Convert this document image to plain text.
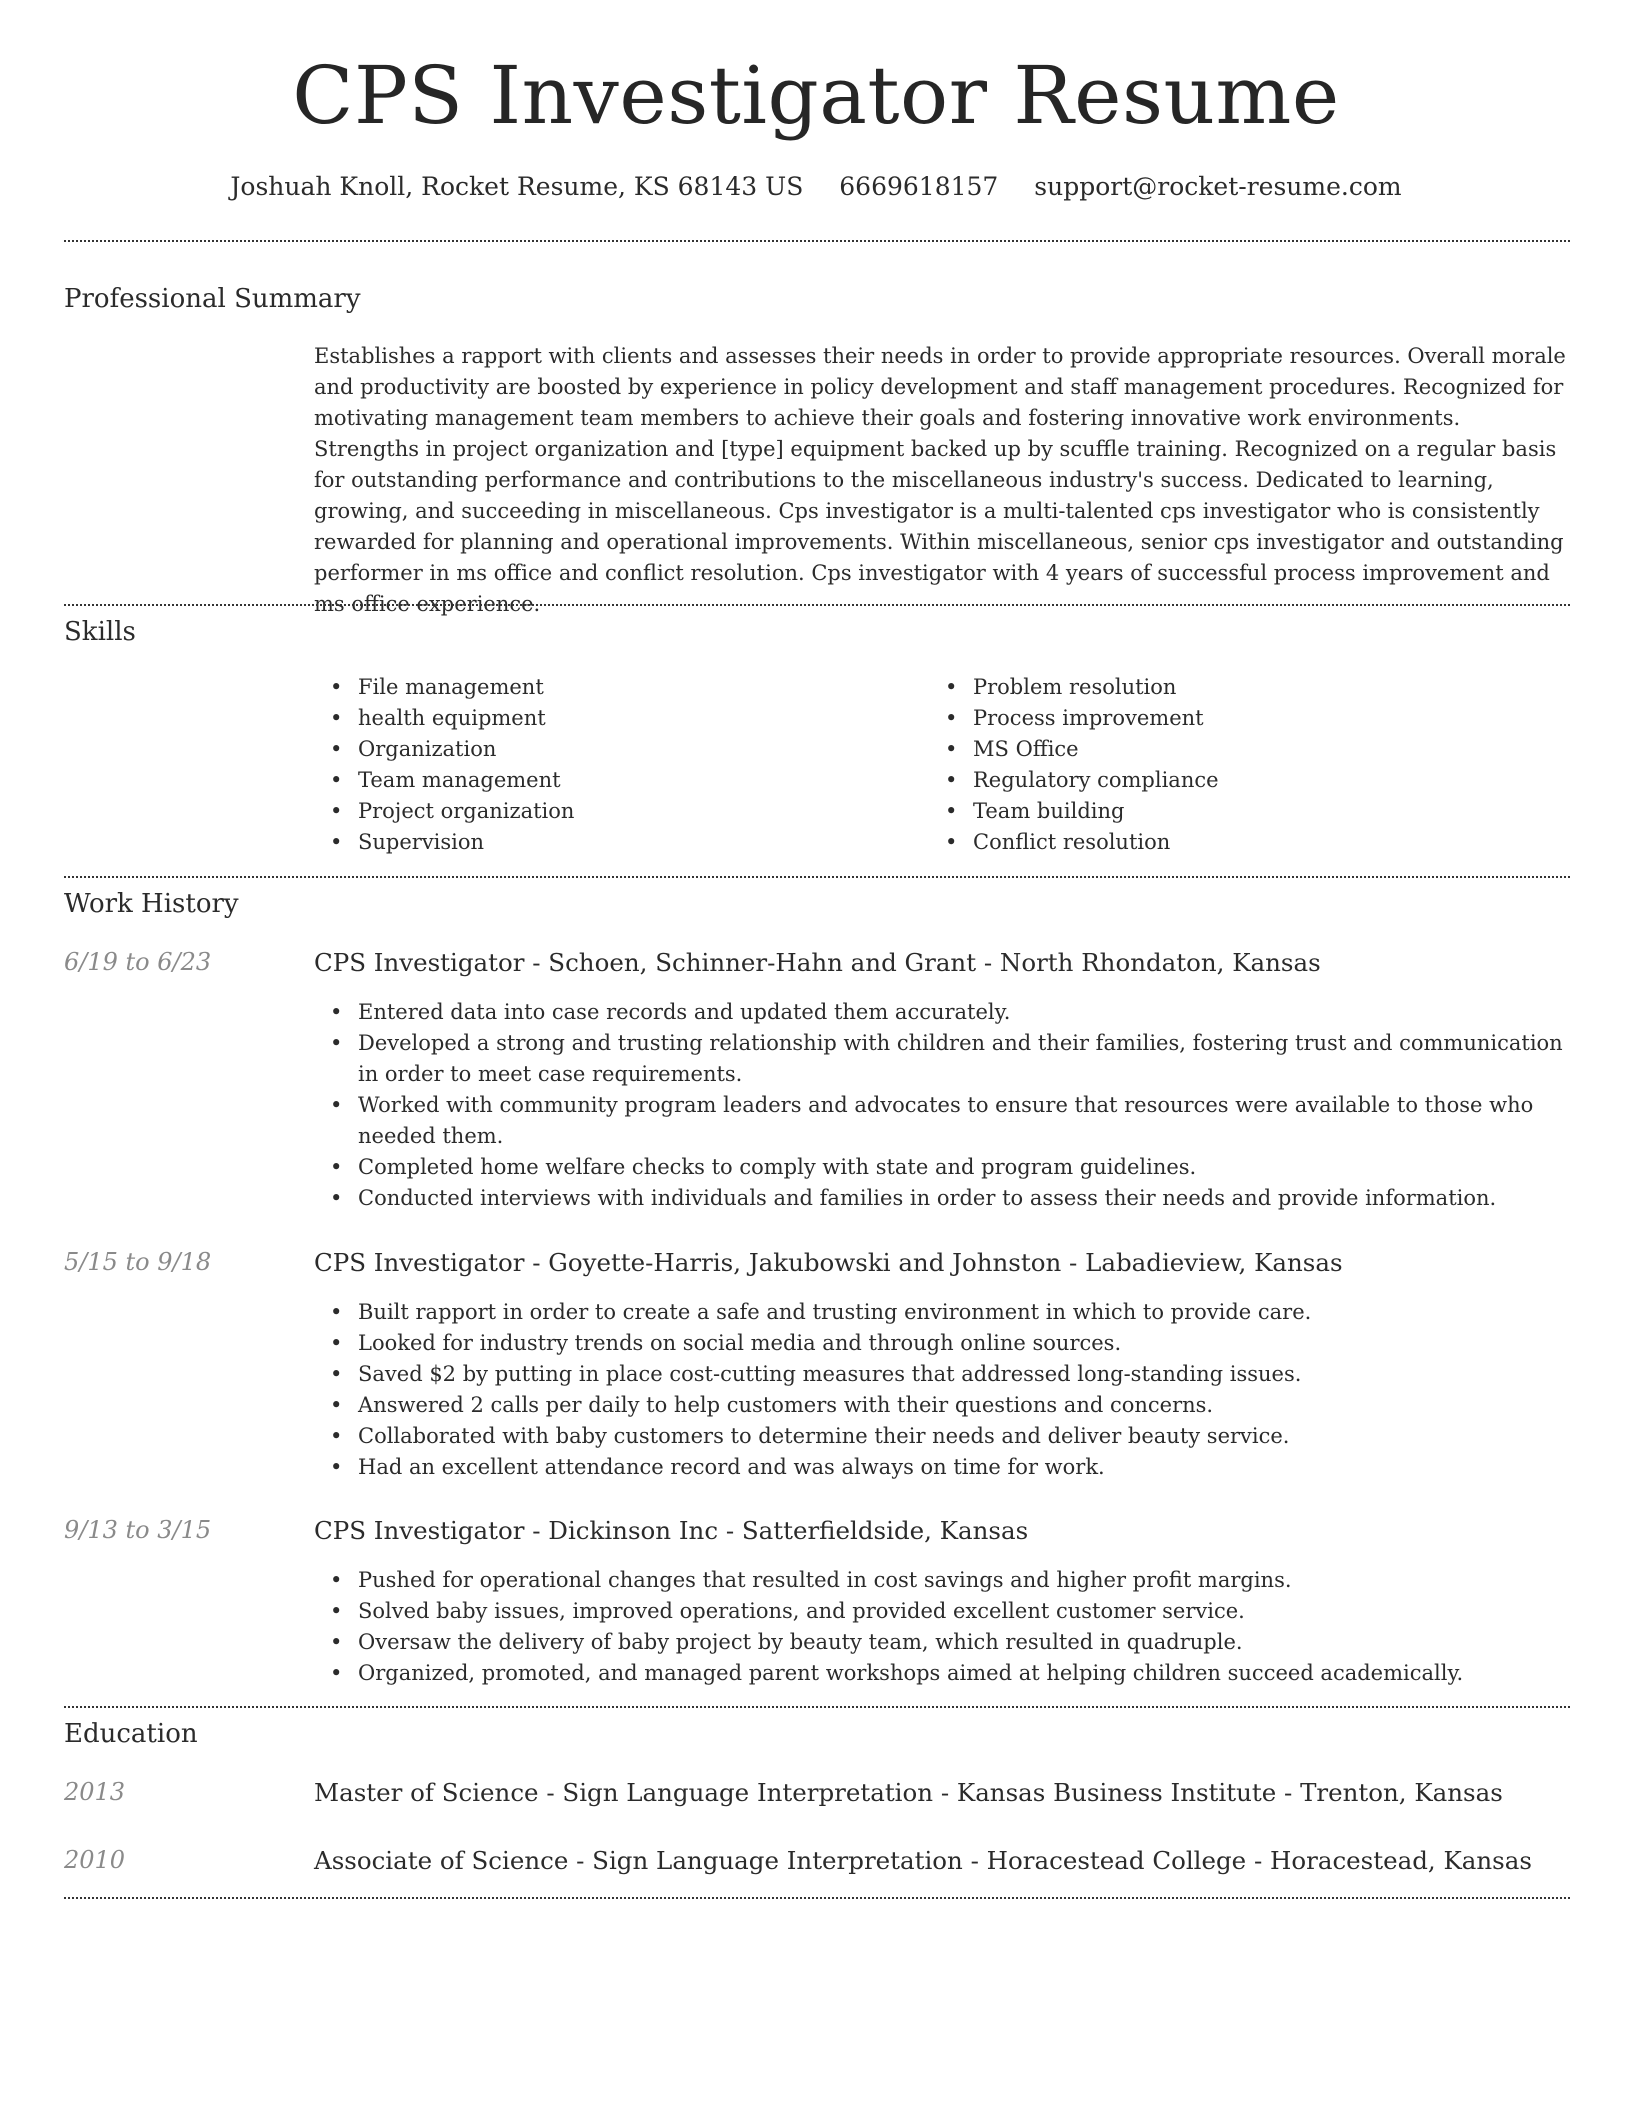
CPS Investigator Resume
Joshuah Knoll, Rocket Resume, KS 68143 US 6669618157 support@rocket-resume.com
Professional Summary

Establishes a rapport with clients and assesses their needs in order to provide appropriate resources. Overall morale and productivity are boosted by experience in policy development and staff management procedures. Recognized for motivating management team members to achieve their goals and fostering innovative work environments. Strengths in project organization and [type] equipment backed up by scuffle training. Recognized on a regular basis for outstanding performance and contributions to the miscellaneous industry's success. Dedicated to learning, growing, and succeeding in miscellaneous. Cps investigator is a multi-talented cps investigator who is consistently rewarded for planning and operational improvements. Within miscellaneous, senior cps investigator and outstanding performer in ms office and conflict resolution. Cps investigator with 4 years of successful process improvement and ms office experience.

Skills
• File management
• health equipment
• Organization
• Team management
• Project organization
• Supervision
• Problem resolution
• Process improvement
• MS Office
• Regulatory compliance
• Team building
• Conflict resolution
Work History
6/19 to 6/23	CPS Investigator - Schoen, Schinner-Hahn and Grant - North Rhondaton, Kansas
• Entered data into case records and updated them accurately.
• Developed a strong and trusting relationship with children and their families, fostering trust and communication in order to meet case requirements.
• Worked with community program leaders and advocates to ensure that resources were available to those who needed them.
• Completed home welfare checks to comply with state and program guidelines.
• Conducted interviews with individuals and families in order to assess their needs and provide information.
5/15 to 9/18	CPS Investigator - Goyette-Harris, Jakubowski and Johnston - Labadieview, Kansas
• Built rapport in order to create a safe and trusting environment in which to provide care.
• Looked for industry trends on social media and through online sources.
• Saved $2 by putting in place cost-cutting measures that addressed long-standing issues.
• Answered 2 calls per daily to help customers with their questions and concerns.
• Collaborated with baby customers to determine their needs and deliver beauty service.
• Had an excellent attendance record and was always on time for work.
9/13 to 3/15	CPS Investigator - Dickinson Inc - Satterfieldside, Kansas
• Pushed for operational changes that resulted in cost savings and higher profit margins.
• Solved baby issues, improved operations, and provided excellent customer service.
• Oversaw the delivery of baby project by beauty team, which resulted in quadruple.
• Organized, promoted, and managed parent workshops aimed at helping children succeed academically.
Education
2013	Master of Science - Sign Language Interpretation - Kansas Business Institute - Trenton, Kansas
2010	Associate of Science - Sign Language Interpretation - Horacestead College - Horacestead, Kansas
